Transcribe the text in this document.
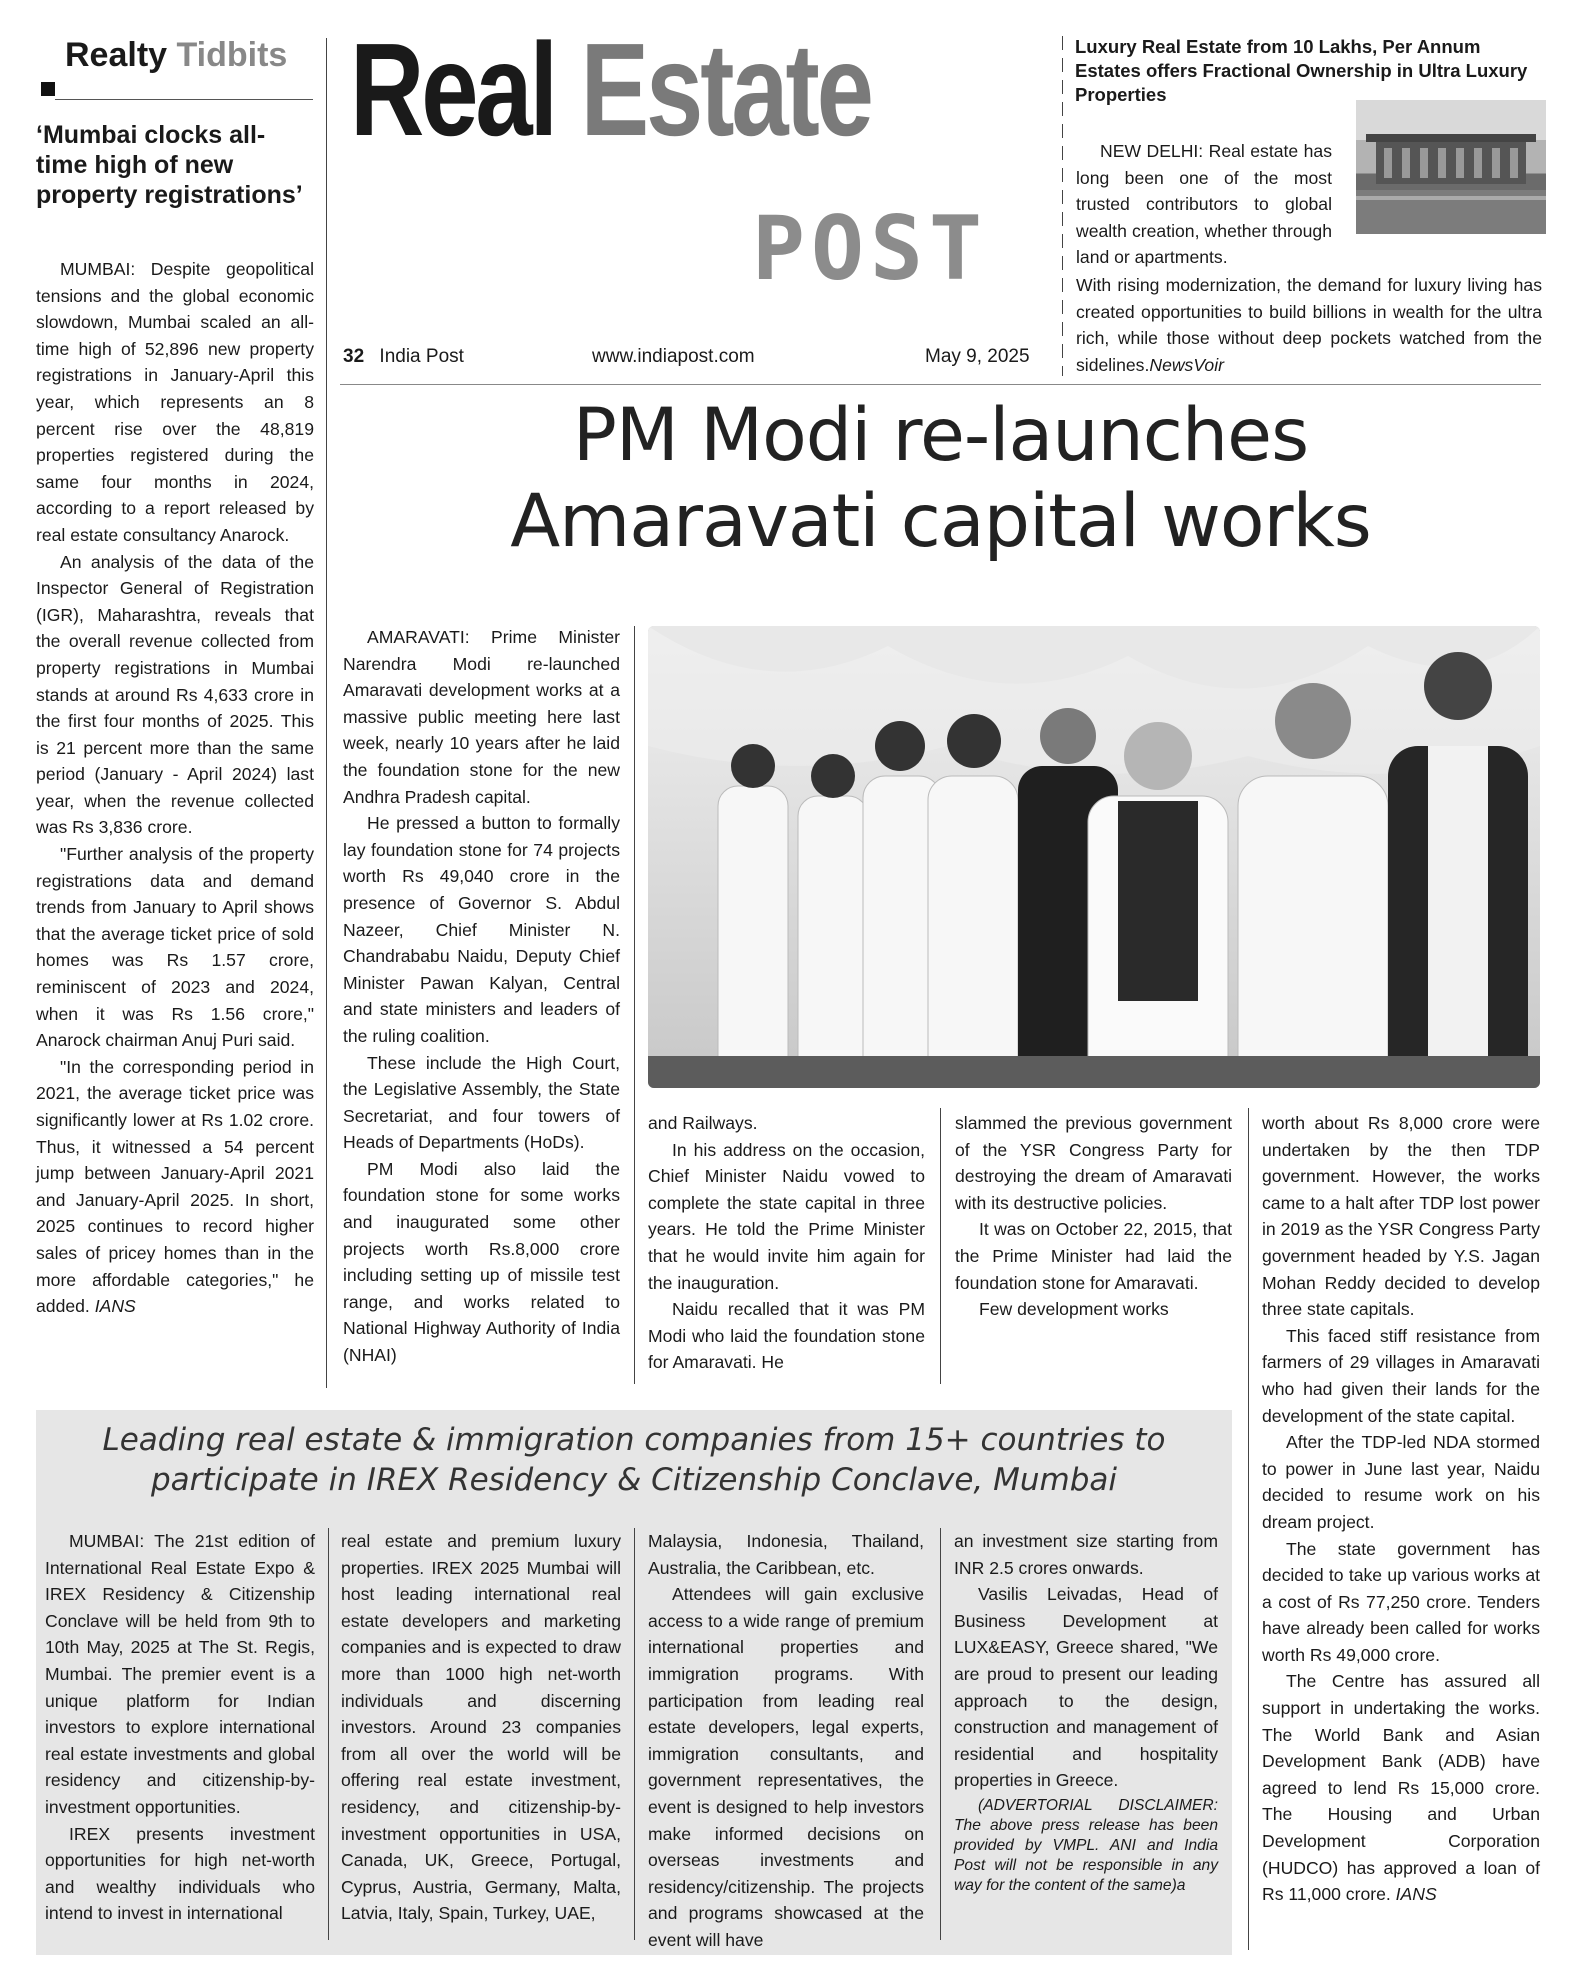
Realty Tidbits
‘Mumbai clocks all-time high of new property registrations’

MUMBAI: Despite geopolitical tensions and the global economic slowdown, Mumbai scaled an all-time high of 52,896 new property registrations in January-April this year, which represents an 8 percent rise over the 48,819 properties registered during the same four months in 2024, according to a report released by real estate consultancy Anarock.

An analysis of the data of the Inspector General of Registration (IGR), Maharashtra, reveals that the overall revenue collected from property registrations in Mumbai stands at around Rs 4,633 crore in the first four months of 2025. This is 21 percent more than the same period (January - April 2024) last year, when the revenue collected was Rs 3,836 crore.

"Further analysis of the property registrations data and demand trends from January to April shows that the average ticket price of sold homes was Rs 1.57 crore, reminiscent of 2023 and 2024, when it was Rs 1.56 crore," Anarock chairman Anuj Puri said.

"In the corresponding period in 2021, the average ticket price was significantly lower at Rs 1.02 crore. Thus, it witnessed a 54 percent jump between January-April 2021 and January-April 2025. In short, 2025 continues to record higher sales of pricey homes than in the more affordable categories," he added. IANS

Real Estate
POST
32 India Post	www.indiapost.com	May 9, 2025
Luxury Real Estate from 10 Lakhs, Per Annum Estates offers Fractional Ownership in Ultra Luxury Properties
NEW DELHI: Real estate has long been one of the most trusted contributors to global wealth creation, whether through land or apartments.
With rising modernization, the demand for luxury living has created opportunities to build billions in wealth for the ultra rich, while those without deep pockets watched from the sidelines.NewsVoir
PM Modi re-launches
Amaravati capital works

AMARAVATI: Prime Minister Narendra Modi re-launched Amaravati development works at a massive public meeting here last week, nearly 10 years after he laid the foundation stone for the new Andhra Pradesh capital.

He pressed a button to formally lay foundation stone for 74 projects worth Rs 49,040 crore in the presence of Governor S. Abdul Nazeer, Chief Minister N. Chandrababu Naidu, Deputy Chief Minister Pawan Kalyan, Central and state ministers and leaders of the ruling coalition.

These include the High Court, the Legislative Assembly, the State Secretariat, and four towers of Heads of Departments (HoDs).

PM Modi also laid the foundation stone for some works and inaugurated some other projects worth Rs.8,000 crore including setting up of missile test range, and works related to National Highway Authority of India (NHAI)

and Railways.

In his address on the occasion, Chief Minister Naidu vowed to complete the state capital in three years. He told the Prime Minister that he would invite him again for the inauguration.

Naidu recalled that it was PM Modi who laid the foundation stone for Amaravati. He

slammed the previous government of the YSR Congress Party for destroying the dream of Amaravati with its destructive policies.

It was on October 22, 2015, that the Prime Minister had laid the foundation stone for Amaravati.

Few development works

worth about Rs 8,000 crore were undertaken by the then TDP government. However, the works came to a halt after TDP lost power in 2019 as the YSR Congress Party government headed by Y.S. Jagan Mohan Reddy decided to develop three state capitals.

This faced stiff resistance from farmers of 29 villages in Amaravati who had given their lands for the development of the state capital.

After the TDP-led NDA stormed to power in June last year, Naidu decided to resume work on his dream project.

The state government has decided to take up various works at a cost of Rs 77,250 crore. Tenders have already been called for works worth Rs 49,000 crore.

The Centre has assured all support in undertaking the works. The World Bank and Asian Development Bank (ADB) have agreed to lend Rs 15,000 crore. The Housing and Urban Development Corporation (HUDCO) has approved a loan of Rs 11,000 crore. IANS

Leading real estate & immigration companies from 15+ countries to participate in IREX Residency & Citizenship Conclave, Mumbai

MUMBAI: The 21st edition of International Real Estate Expo & IREX Residency & Citizenship Conclave will be held from 9th to 10th May, 2025 at The St. Regis, Mumbai. The premier event is a unique platform for Indian investors to explore international real estate investments and global residency and citizenship-by-investment opportunities.

IREX presents investment opportunities for high net-worth and wealthy individuals who intend to invest in international

real estate and premium luxury properties. IREX 2025 Mumbai will host leading international real estate developers and marketing companies and is expected to draw more than 1000 high net-worth individuals and discerning investors. Around 23 companies from all over the world will be offering real estate investment, residency, and citizenship-by-investment opportunities in USA, Canada, UK, Greece, Portugal, Cyprus, Austria, Germany, Malta, Latvia, Italy, Spain, Turkey, UAE,

Malaysia, Indonesia, Thailand, Australia, the Caribbean, etc.

Attendees will gain exclusive access to a wide range of premium international properties and immigration programs. With participation from leading real estate developers, legal experts, immigration consultants, and government representatives, the event is designed to help investors make informed decisions on overseas investments and residency/citizenship. The projects and programs showcased at the event will have

an investment size starting from INR 2.5 crores onwards.

Vasilis Leivadas, Head of Business Development at LUX&EASY, Greece shared, "We are proud to present our leading approach to the design, construction and management of residential and hospitality properties in Greece.

(ADVERTORIAL DISCLAIMER: The above press release has been provided by VMPL. ANI and India Post will not be responsible in any way for the content of the same)a
